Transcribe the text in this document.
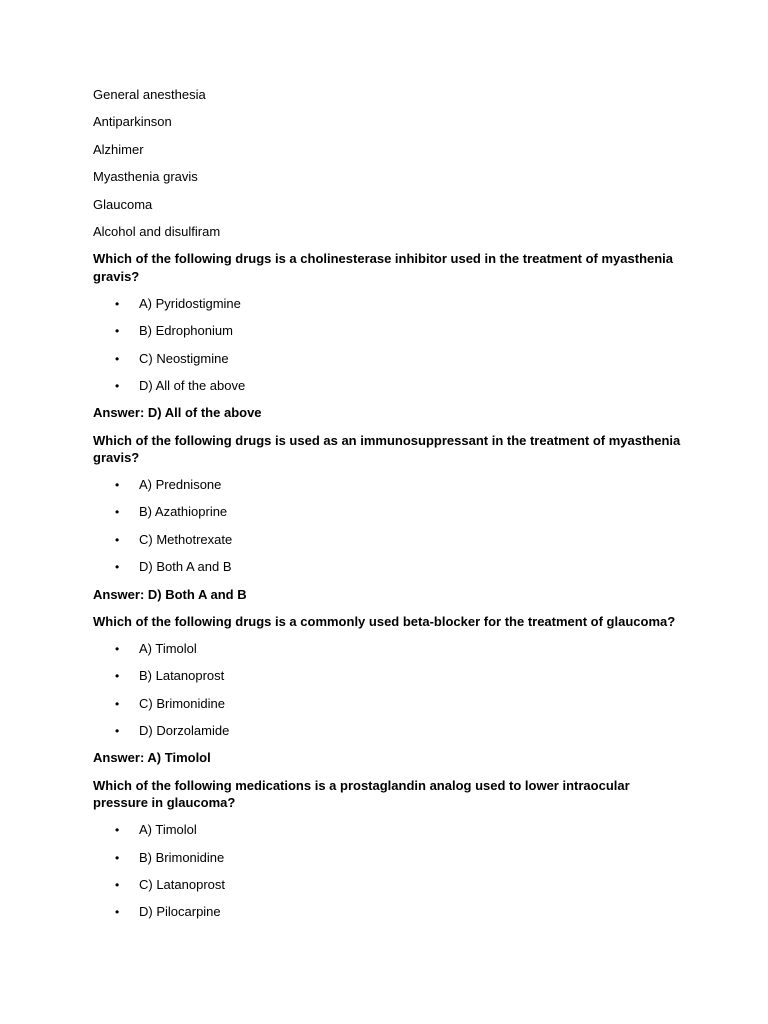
General anesthesia

Antiparkinson

Alzhimer

Myasthenia gravis

Glaucoma

Alcohol and disulfiram

Which of the following drugs is a cholinesterase inhibitor used in the treatment of myasthenia gravis?

• A) Pyridostigmine
• B) Edrophonium
• C) Neostigmine
• D) All of the above

Answer: D) All of the above

Which of the following drugs is used as an immunosuppressant in the treatment of myasthenia gravis?

• A) Prednisone
• B) Azathioprine
• C) Methotrexate
• D) Both A and B

Answer: D) Both A and B

Which of the following drugs is a commonly used beta-blocker for the treatment of glaucoma?

• A) Timolol
• B) Latanoprost
• C) Brimonidine
• D) Dorzolamide

Answer: A) Timolol

Which of the following medications is a prostaglandin analog used to lower intraocular pressure in glaucoma?

• A) Timolol
• B) Brimonidine
• C) Latanoprost
• D) Pilocarpine
